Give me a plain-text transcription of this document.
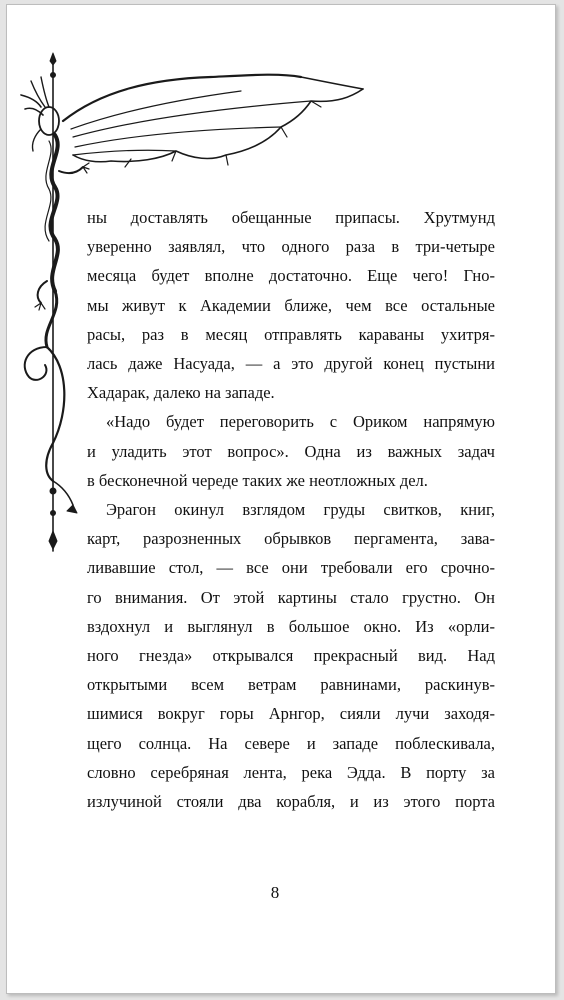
ны доставлять обещанные припасы. Хрутмунд

уверенно заявлял, что одного раза в три-четыре

месяца будет вполне достаточно. Еще чего! Гно-

мы живут к Академии ближе, чем все остальные

расы, раз в месяц отправлять караваны ухитря-

лась даже Насуада, — а это другой конец пустыни

Хадарак, далеко на западе.

«Надо будет переговорить с Ориком напрямую

и уладить этот вопрос». Одна из важных задач

в бесконечной череде таких же неотложных дел.

Эрагон окинул взглядом груды свитков, книг,

карт, разрозненных обрывков пергамента, зава-

ливавшие стол, — все они требовали его срочно-

го внимания. От этой картины стало грустно. Он

вздохнул и выглянул в большое окно. Из «орли-

ного гнезда» открывался прекрасный вид. Над

открытыми всем ветрам равнинами, раскинув-

шимися вокруг горы Арнгор, сияли лучи заходя-

щего солнца. На севере и западе поблескивала,

словно серебряная лента, река Эдда. В порту за

излучиной стояли два корабля, и из этого порта

8
